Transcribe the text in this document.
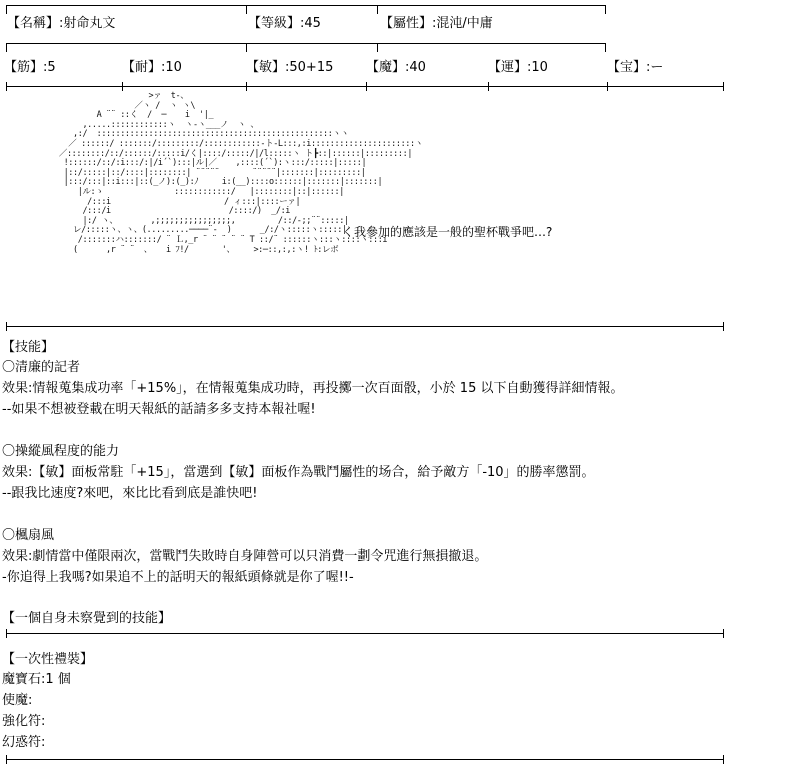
【名稱】:射命丸文	【等級】:45	【屬性】:混沌/中庸
【筋】:5	【耐】:10	【敏】:50+15	【魔】:40	【運】:10	【宝】:ー
>ァ  t-、
／ヽ /  ヽ ヽ\
A ¨¨ ::く  /  ─    i  '|_
,.....::::::::::::ヽ  ヽ-ヽ___ノ  ヽ 、
,:/  ::::::::::::::::::::::::::::::::::::::::::::::::::ヽヽ
／ ::::::/ :::::::/:::::::::/::::::::::::-ト-L:::,:i::::::::::::::::::::::ヽ
／::::::::/::/::::::/:::::i/く|::::/:::::/|/l:::::ヽ ト┣::|::::::|:::::::::|
!::::::/::/:i:::/:|/i´`):::|ル|／    ,::::(´`):ヽ:::/:::::|:::::|
|::/:::::|::/::::|::::::::| ¨¨¨¨¨       ¨¨¨¨¨|:::::::|:::::::::|
|:::/:::|::i:::|::(_ノ):(_):ﾉ     i:(__)::::o::::::|:::::::|:::::::|
|ル:ゝ               ::::::::::::/   |::::::::|::|::::::|
/:::i                        / ィ:::|::::ーァ|
/:::/i                         /::::/)  _/:i
|:/ ヽ、       ,;;;;;;;;;;;;;;;;,         /::/-;;¨¨:::::|
レ/:::::ヽ、ヽ、(.........────¨-  )      _/:/ヽ:::::ヽ:::::|
/:::::::ハ:::::::/ ¨ Ｌ,_r ¨ ¨ ¨ ¨ ¨ T ::/¨ ::::::ヽ:::ヽ::::ヽ:::i
(      ,r ¨ ¨  、   i ﾌ!/       '、    >:─::,:,:ヽ! ﾄ:レボ
く我參加的應該是一般的聖杯戰爭吧…?
【技能】
〇清廉的記者
效果:情報蒐集成功率「+15%」，在情報蒐集成功時，再投擲一次百面骰，小於 15 以下自動獲得詳細情報。
--如果不想被登載在明天報紙的話請多多支持本報社喔!
〇操縱風程度的能力
效果:【敏】面板常駐「+15」，當選到【敏】面板作為戰鬥屬性的场合，給予敵方「-10」的勝率懲罰。
--跟我比速度?來吧，來比比看到底是誰快吧!
〇楓扇風
效果:劇情當中僅限兩次，當戰鬥失敗時自身陣營可以只消費一劃令咒進行無損撤退。
-你追得上我嗎?如果追不上的話明天的報紙頭條就是你了喔!!-
【一個自身未察覺到的技能】
【一次性禮裝】
魔寶石:1 個
使魔:
強化符:
幻惑符:
